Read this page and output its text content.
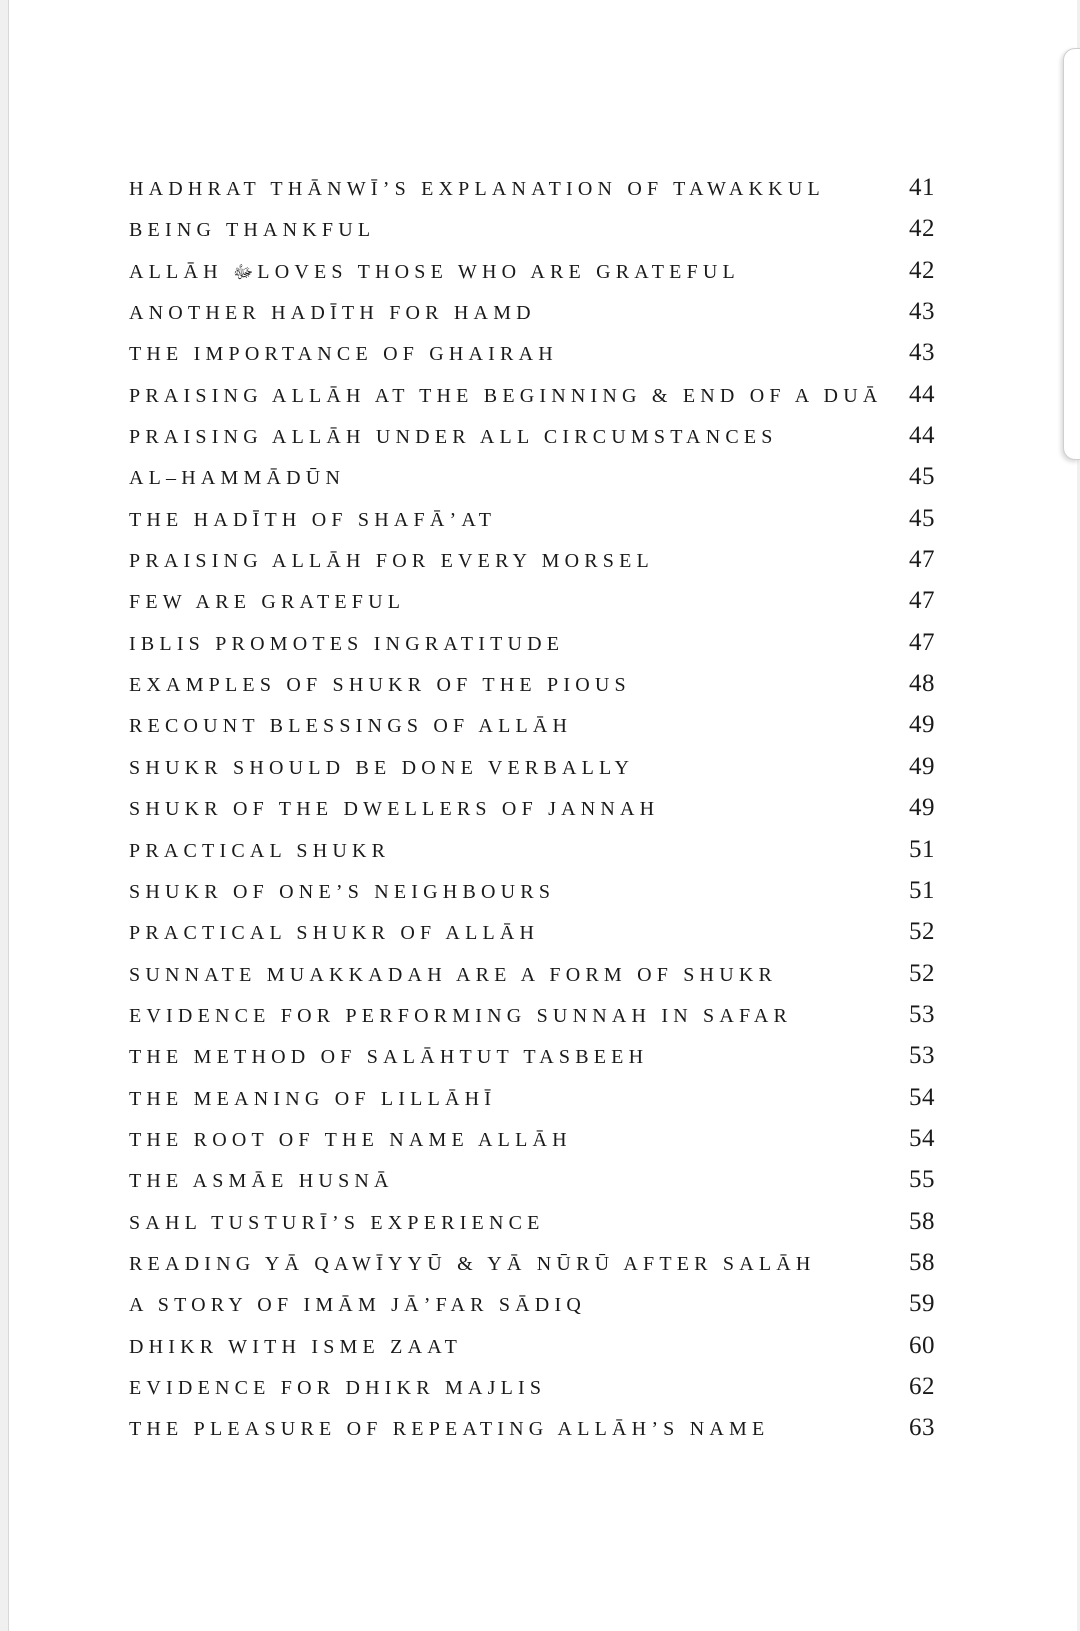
HADHRAT THĀNWĪ’S EXPLANATION OF TAWAKKUL	41
BEING THANKFUL	42
ALLĀH ﷻ LOVES THOSE WHO ARE GRATEFUL	42
ANOTHER HADĪTH FOR HAMD	43
THE IMPORTANCE OF GHAIRAH	43
PRAISING ALLĀH AT THE BEGINNING & END OF A DUĀ 44
PRAISING ALLĀH UNDER ALL CIRCUMSTANCES	44
AL–HAMMĀDŪN	45
THE HADĪTH OF SHAFĀ’AT	45
PRAISING ALLĀH FOR EVERY MORSEL	47
FEW ARE GRATEFUL	47
IBLIS PROMOTES INGRATITUDE	47
EXAMPLES OF SHUKR OF THE PIOUS	48
RECOUNT BLESSINGS OF ALLĀH	49
SHUKR SHOULD BE DONE VERBALLY	49
SHUKR OF THE DWELLERS OF JANNAH	49
PRACTICAL SHUKR	51
SHUKR OF ONE’S NEIGHBOURS	51
PRACTICAL SHUKR OF ALLĀH	52
SUNNATE MUAKKADAH ARE A FORM OF SHUKR	52
EVIDENCE FOR PERFORMING SUNNAH IN SAFAR	53
THE METHOD OF SALĀHTUT TASBEEH	53
THE MEANING OF LILLĀHĪ	54
THE ROOT OF THE NAME ALLĀH	54
THE ASMĀE HUSNĀ	55
SAHL TUSTURĪ’S EXPERIENCE	58
READING YĀ QAWĪYYŪ & YĀ NŪRŪ AFTER SALĀH	58
A STORY OF IMĀM JĀ’FAR SĀDIQ	59
DHIKR WITH ISME ZAAT	60
EVIDENCE FOR DHIKR MAJLIS	62
THE PLEASURE OF REPEATING ALLĀH’S NAME	63
